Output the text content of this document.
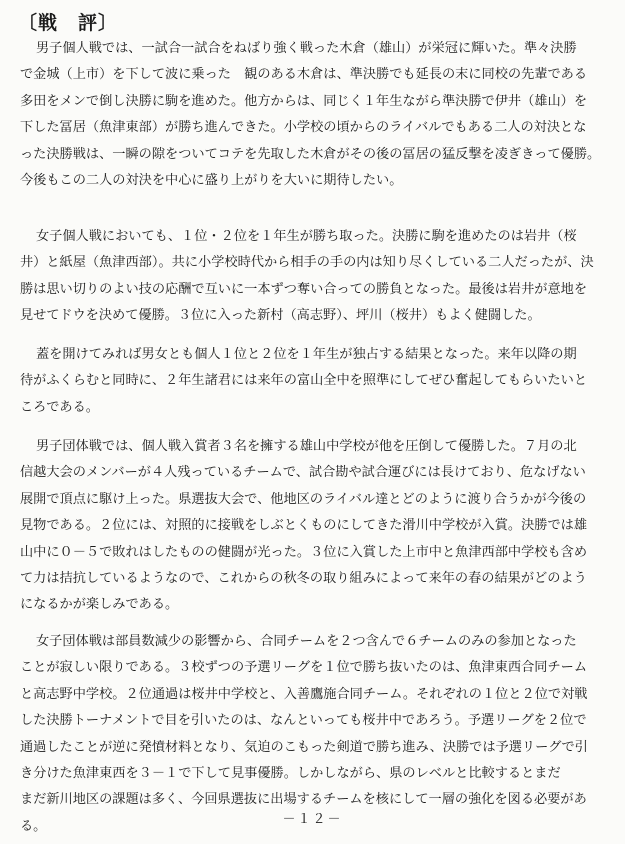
〔戦　評〕
男子個人戦では、一試合一試合をねばり強く戦った木倉（雄山）が栄冠に輝いた。準々決勝
で金城（上市）を下して波に乗った　観のある木倉は、準決勝でも延長の末に同校の先輩である
多田をメンで倒し決勝に駒を進めた。他方からは、同じく１年生ながら準決勝で伊井（雄山）を
下した冨居（魚津東部）が勝ち進んできた。小学校の頃からのライバルでもある二人の対決とな
った決勝戦は、一瞬の隙をついてコテを先取した木倉がその後の冨居の猛反撃を凌ぎきって優勝。
今後もこの二人の対決を中心に盛り上がりを大いに期待したい。
女子個人戦においても、１位・２位を１年生が勝ち取った。決勝に駒を進めたのは岩井（桜
井）と紙屋（魚津西部）。共に小学校時代から相手の手の内は知り尽くしている二人だったが、決
勝は思い切りのよい技の応酬で互いに一本ずつ奪い合っての勝負となった。最後は岩井が意地を
見せてドウを決めて優勝。３位に入った新村（高志野）、坪川（桜井）もよく健闘した。
蓋を開けてみれば男女とも個人１位と２位を１年生が独占する結果となった。来年以降の期
待がふくらむと同時に、２年生諸君には来年の富山全中を照準にしてぜひ奮起してもらいたいと
ころである。
男子団体戦では、個人戦入賞者３名を擁する雄山中学校が他を圧倒して優勝した。７月の北
信越大会のメンバーが４人残っているチームで、試合勘や試合運びには長けており、危なげない
展開で頂点に駆け上った。県選抜大会で、他地区のライバル達とどのように渡り合うかが今後の
見物である。２位には、対照的に接戦をしぶとくものにしてきた滑川中学校が入賞。決勝では雄
山中に０－５で敗れはしたものの健闘が光った。３位に入賞した上市中と魚津西部中学校も含め
て力は拮抗しているようなので、これからの秋冬の取り組みによって来年の春の結果がどのよう
になるかが楽しみである。
女子団体戦は部員数減少の影響から、合同チームを２つ含んで６チームのみの参加となった
ことが寂しい限りである。３校ずつの予選リーグを１位で勝ち抜いたのは、魚津東西合同チーム
と高志野中学校。２位通過は桜井中学校と、入善鷹施合同チーム。それぞれの１位と２位で対戦
した決勝トーナメントで目を引いたのは、なんといっても桜井中であろう。予選リーグを２位で
通過したことが逆に発憤材料となり、気迫のこもった剣道で勝ち進み、決勝では予選リーグで引
き分けた魚津東西を３－１で下して見事優勝。しかしながら、県のレベルと比較するとまだ
まだ新川地区の課題は多く、今回県選抜に出場するチームを核にして一層の強化を図る必要があ
る。	－１２－
